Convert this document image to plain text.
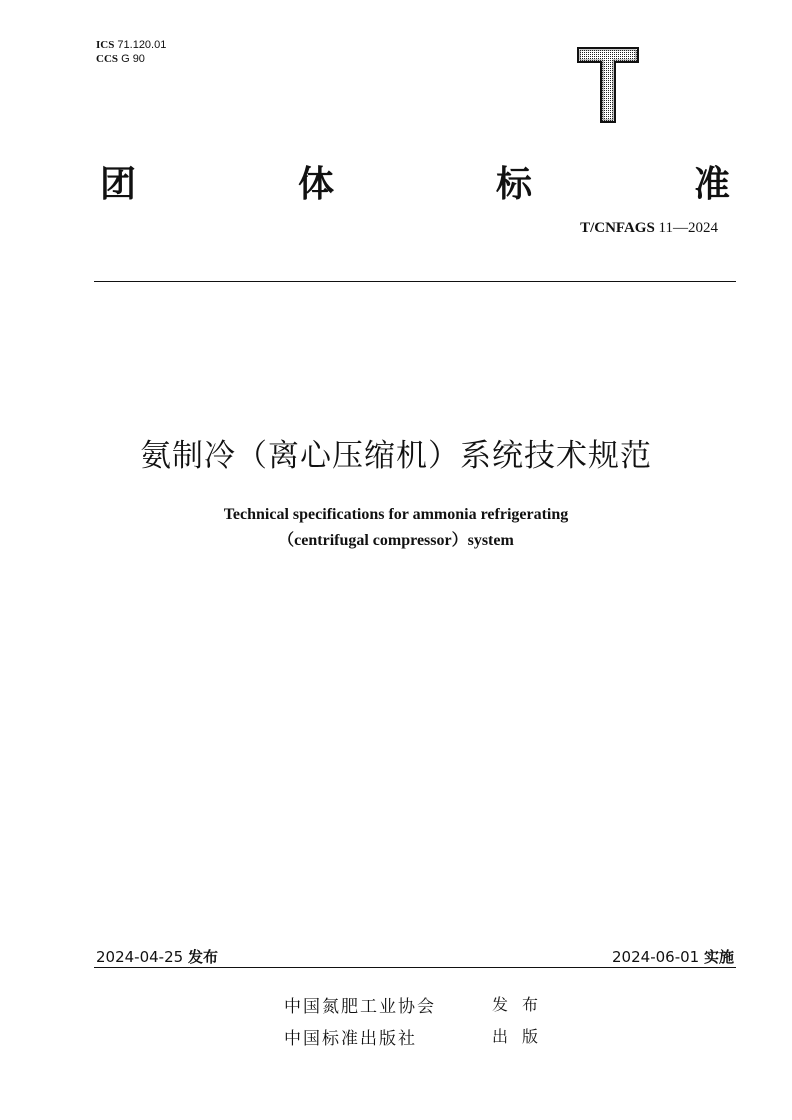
ICS 71.120.01
CCS G 90
团	体	标	准
T/CNFAGS 11—2024
氨制冷（离心压缩机）系统技术规范
Technical specifications for ammonia refrigerating
（centrifugal compressor）system
2024-04-25 发布	2024-06-01 实施
中国氮肥工业协会	发布
中国标准出版社	出版
